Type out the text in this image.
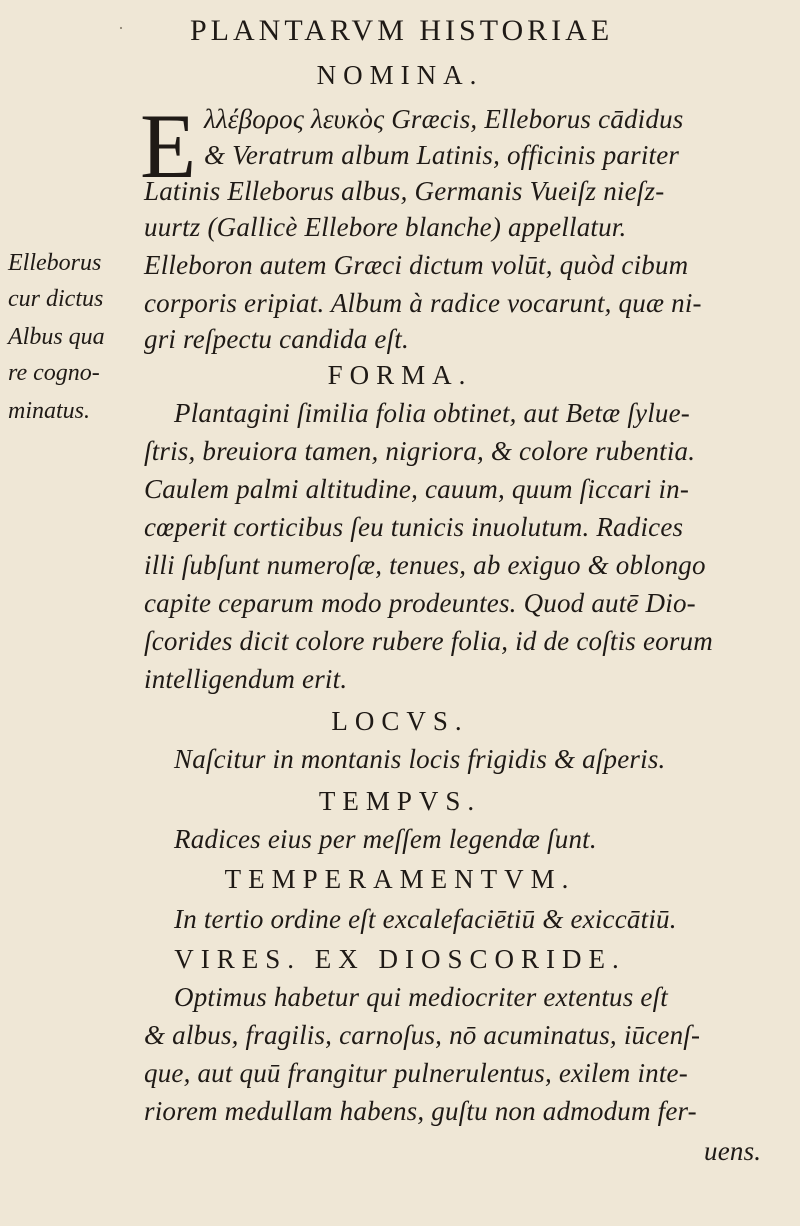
· PLANTARVM HISTORIAE
NOMINA.
E λλέβορος λευκὸς Græcis, Elleborus cādidus
& Veratrum album Latinis, officinis pariter
Latinis Elleborus albus, Germanis Vueiſz nieſz-
uurtz (Gallicè Ellebore blanche) appellatur.
Elleboron autem Græci dictum volūt, quòd cibum
corporis eripiat. Album à radice vocarunt, quæ ni-
gri reſpectu candida eſt.
Elleborus
cur dictus
Albus qua
re cogno-
minatus.
FORMA.
Plantagini ſimilia folia obtinet, aut Betæ ſylue-
ſtris, breuiora tamen, nigriora, & colore rubentia.
Caulem palmi altitudine, cauum, quum ſiccari in-
cœperit corticibus ſeu tunicis inuolutum. Radices
illi ſubſunt numeroſæ, tenues, ab exiguo & oblongo
capite ceparum modo prodeuntes. Quod autē Dio-
ſcorides dicit colore rubere folia, id de coſtis eorum
intelligendum erit.
LOCVS.
Naſcitur in montanis locis frigidis & aſperis.
TEMPVS.
Radices eius per meſſem legendæ ſunt.
TEMPERAMENTVM.
In tertio ordine eſt excalefaciētiū & exiccātiū.
VIRES. EX DIOSCORIDE.
Optimus habetur qui mediocriter extentus eſt
& albus, fragilis, carnoſus, nō acuminatus, iūcenſ-
que, aut quū frangitur pulnerulentus, exilem inte-
riorem medullam habens, guſtu non admodum fer-
uens.
